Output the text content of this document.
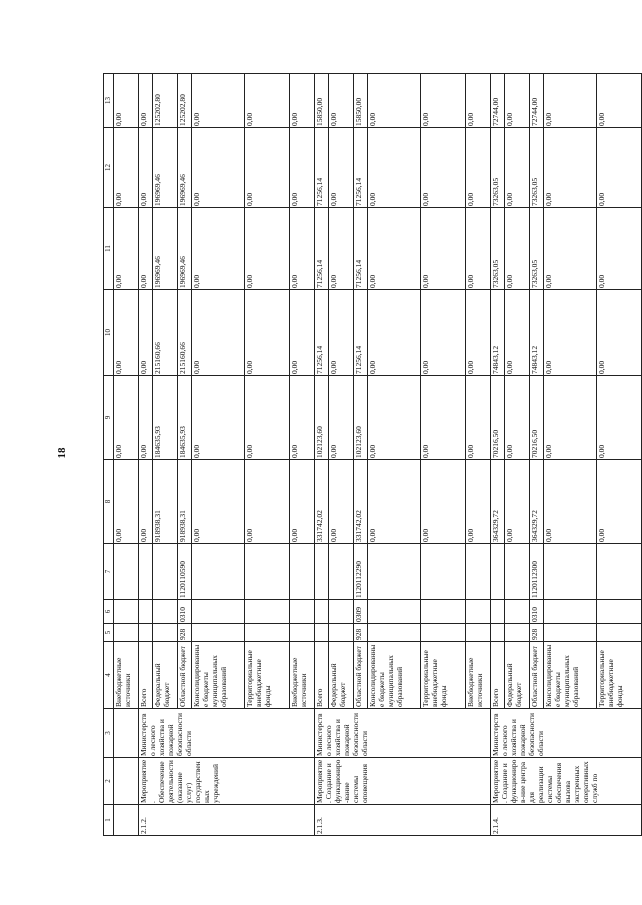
18
1	2	3	4	5	6	7	8	9	10	11	12	13
			Внебюджетные источники				0,00	0,00	0,00	0,00	0,00	0,00
2.1.2.	Мероприятие. Обеспечение деятельности (оказание услуг) государственных учреждений	Министерство лесного хозяйства и пожарной безопасности области	Всего				0,00	0,00	0,00	0,00	0,00	0,00
			Федеральный бюджет				918938,31	184635,93	215160,66	196969,46	196969,46	125202,80
			Областной бюджет	928	0310	1120110590	918938,31	184635,93	215160,66	196969,46	196969,46	125202,80
			Консолидированные бюджеты муниципальных образований				0,00	0,00	0,00	0,00	0,00	0,00
			Территориальные внебюджетные фонды				0,00	0,00	0,00	0,00	0,00	0,00
			Внебюджетные источники				0,00	0,00	0,00	0,00	0,00	0,00
2.1.3.	Мероприятие. Создание и функциониро-вание системы оповещения	Министерство лесного хозяйства и пожарной безопасности области	Всего				331742,02	102123,60	71256,14	71256,14	71256,14	15850,00
			Федеральный бюджет				0,00	0,00	0,00	0,00	0,00	0,00
			Областной бюджет	928	0309	1120112290	331742,02	102123,60	71256,14	71256,14	71256,14	15850,00
			Консолидированные бюджеты муниципальных образований				0,00	0,00	0,00	0,00	0,00	0,00
			Территориальные внебюджетные фонды				0,00	0,00	0,00	0,00	0,00	0,00
			Внебюджетные источники				0,00	0,00	0,00	0,00	0,00	0,00
2.1.4.	Мероприятие. Создание и функциониров-ние центра для реализации системы обеспечения вызова экстренных оперативных служб по	Министерство лесного хозяйства и пожарной безопасности области	Всего				364329,72	70216,50	74843,12	73263,05	73263,05	72744,00
			Федеральный бюджет				0,00	0,00	0,00	0,00	0,00	0,00
			Областной бюджет	928	0310	1120112300	364329,72	70216,50	74843,12	73263,05	73263,05	72744,00
			Консолидированные бюджеты муниципальных образований				0,00	0,00	0,00	0,00	0,00	0,00
			Территориальные внебюджетные фонды				0,00	0,00	0,00	0,00	0,00	0,00
